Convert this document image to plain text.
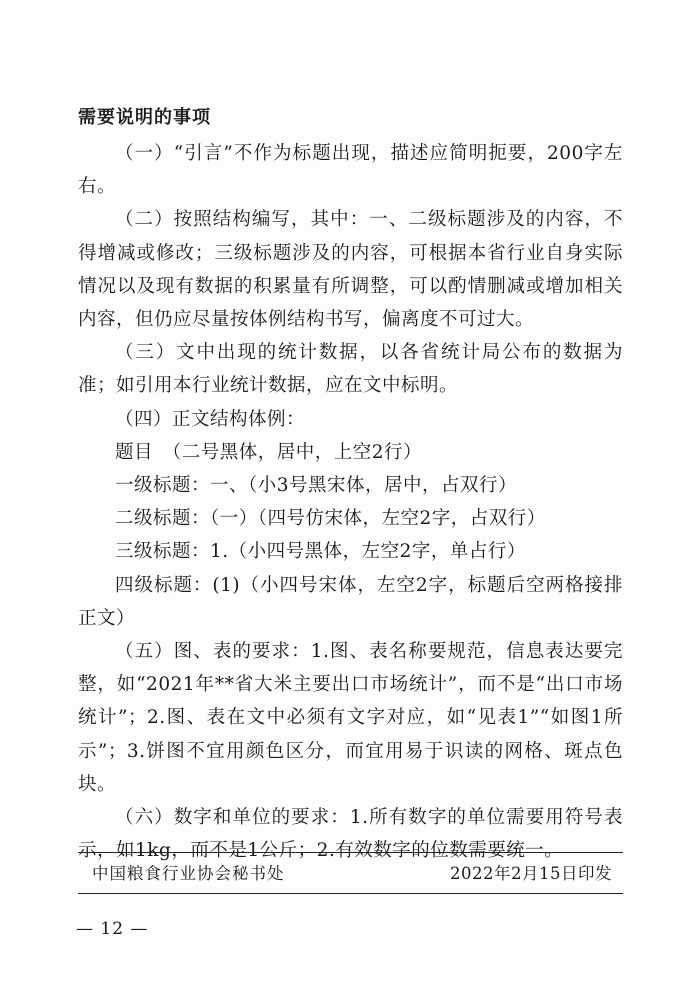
需要说明的事项

（一）“引言”不作为标题出现，描述应简明扼要，200字左右。

（二）按照结构编写，其中：一、二级标题涉及的内容，不得增减或修改；三级标题涉及的内容，可根据本省行业自身实际情况以及现有数据的积累量有所调整，可以酌情删减或增加相关内容，但仍应尽量按体例结构书写，偏离度不可过大。

（三）文中出现的统计数据，以各省统计局公布的数据为准；如引用本行业统计数据，应在文中标明。

（四）正文结构体例：

题目　（二号黑体，居中，上空2行）

一级标题：一、（小3号黑宋体，居中，占双行）

二级标题：（一）（四号仿宋体，左空2字，占双行）

三级标题：1.（小四号黑体，左空2字，单占行）

四级标题：(1)（小四号宋体，左空2字，标题后空两格接排正文）

（五）图、表的要求：1.图、表名称要规范，信息表达要完整，如“2021年**省大米主要出口市场统计”，而不是“出口市场统计”；2.图、表在文中必须有文字对应，如“见表1”“如图1所示”；3.饼图不宜用颜色区分，而宜用易于识读的网格、斑点色块。

（六）数字和单位的要求：1.所有数字的单位需要用符号表示，如1kg，而不是1公斤；2.有效数字的位数需要统一。

中国粮食行业协会秘书处	2022年2月15日印发
— 12 —
